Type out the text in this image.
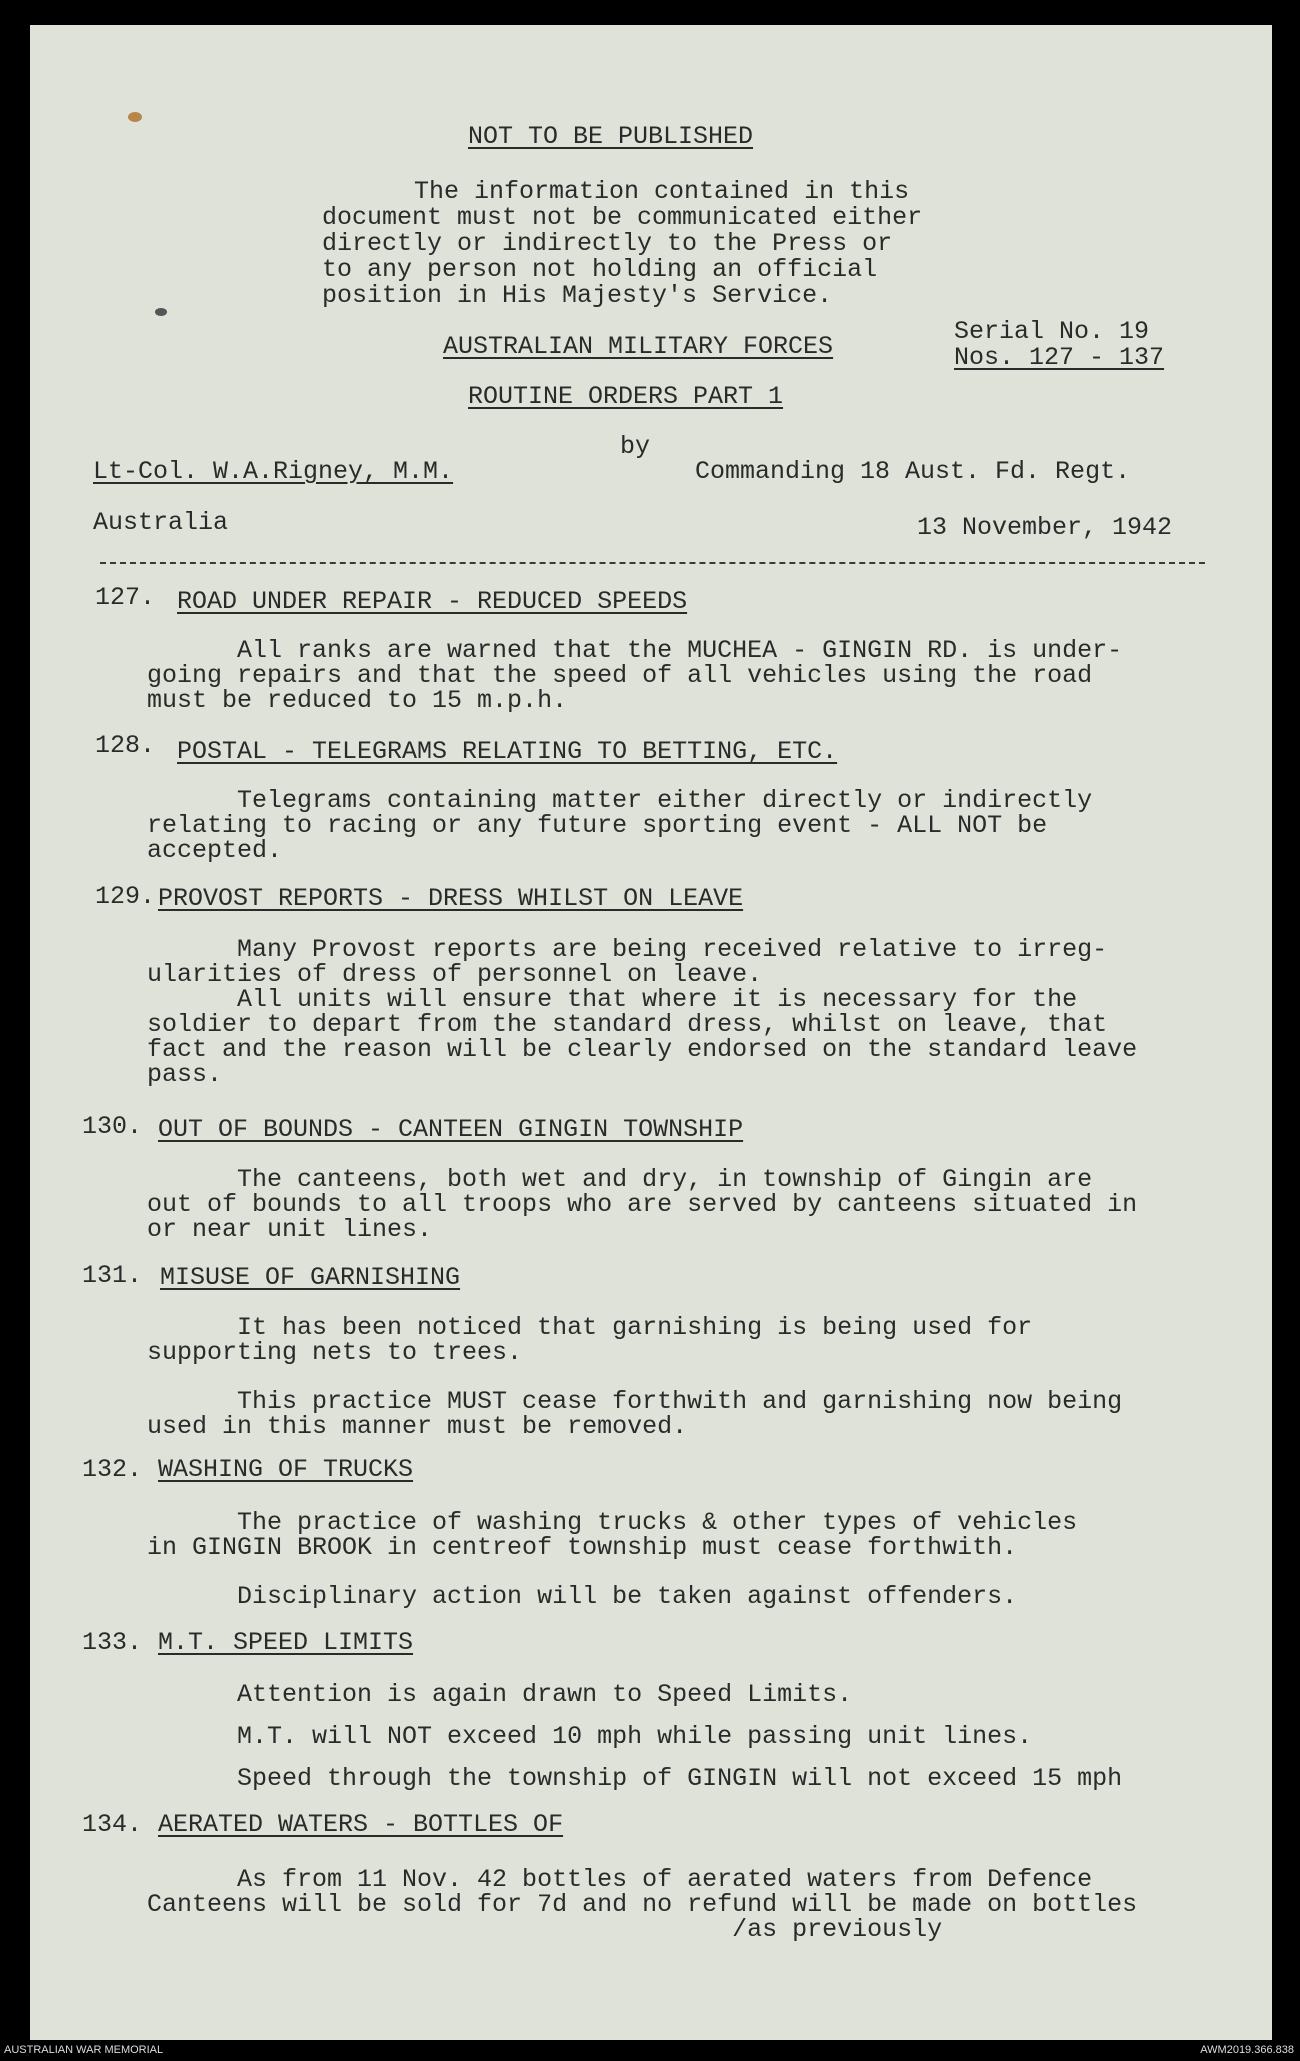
NOT TO BE PUBLISHED
The information contained in this
document must not be communicated either
directly or indirectly to the Press or
to any person not holding an official
position in His Majesty's Service.
AUSTRALIAN MILITARY FORCES
Serial No. 19
Nos. 127 - 137
ROUTINE ORDERS PART 1
by
Lt-Col. W.A.Rigney, M.M.	Commanding 18 Aust. Fd. Regt.
Australia	13 November, 1942
127. ROAD UNDER REPAIR - REDUCED SPEEDS
All ranks are warned that the MUCHEA - GINGIN RD. is under-
going repairs and that the speed of all vehicles using the road
must be reduced to 15 m.p.h.
128. POSTAL - TELEGRAMS RELATING TO BETTING, ETC.
Telegrams containing matter either directly or indirectly
relating to racing or any future sporting event - ALL NOT be
accepted.
129. PROVOST REPORTS - DRESS WHILST ON LEAVE
Many Provost reports are being received relative to irreg-
ularities of dress of personnel on leave.
All units will ensure that where it is necessary for the
soldier to depart from the standard dress, whilst on leave, that
fact and the reason will be clearly endorsed on the standard leave
pass.
130. OUT OF BOUNDS - CANTEEN GINGIN TOWNSHIP
The canteens, both wet and dry, in township of Gingin are
out of bounds to all troops who are served by canteens situated in
or near unit lines.
131. MISUSE OF GARNISHING
It has been noticed that garnishing is being used for
supporting nets to trees.
This practice MUST cease forthwith and garnishing now being
used in this manner must be removed.
132. WASHING OF TRUCKS
The practice of washing trucks & other types of vehicles
in GINGIN BROOK in centreof township must cease forthwith.
Disciplinary action will be taken against offenders.
133. M.T. SPEED LIMITS
Attention is again drawn to Speed Limits.
M.T. will NOT exceed 10 mph while passing unit lines.
Speed through the township of GINGIN will not exceed 15 mph
134. AERATED WATERS - BOTTLES OF
As from 11 Nov. 42 bottles of aerated waters from Defence
Canteens will be sold for 7d and no refund will be made on bottles
/as previously
AUSTRALIAN WAR MEMORIAL	AWM2019.366.838
